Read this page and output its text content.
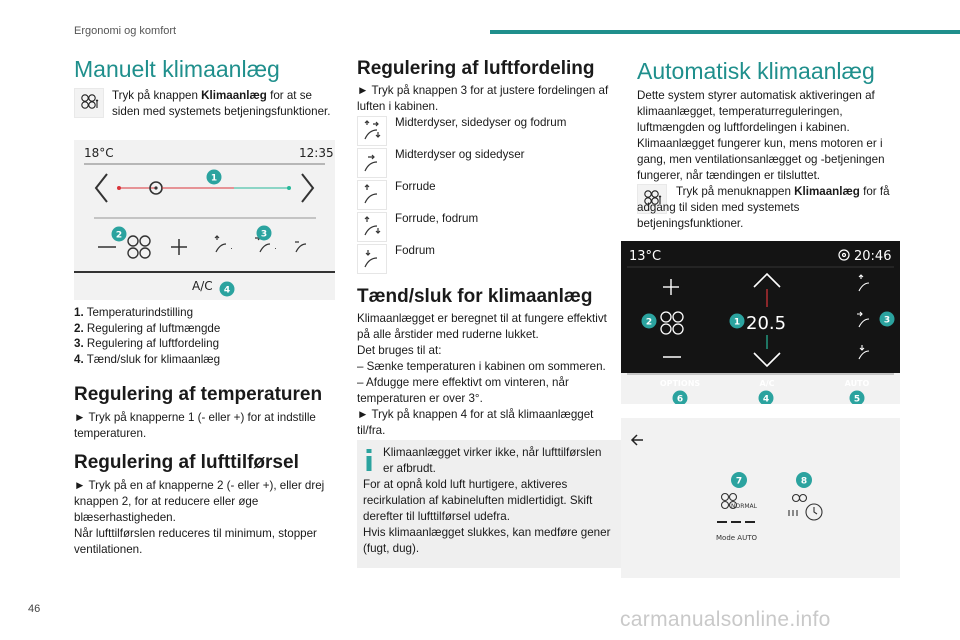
Ergonomi og komfort
Manuelt klimaanlæg
Tryk på knappen Klimaanlæg for at se siden med systemets betjeningsfunktioner.
18°C	12:35
·	·
A/C
1
2	3
4
1. Temperaturindstilling
2. Regulering af luftmængde
3. Regulering af luftfordeling
4. Tænd/sluk for klimaanlæg
Regulering af temperaturen
► Tryk på knapperne 1 (- eller +) for at indstille temperaturen.
Regulering af lufttilførsel
► Tryk på en af knapperne 2 (- eller +), eller drej knappen 2, for at reducere eller øge blæserhastigheden.
Når lufttilførslen reduceres til minimum, stopper ventilationen.
Regulering af luftfordeling
► Tryk på knappen 3 for at justere fordelingen af luften i kabinen.
Midterdyser, sidedyser og fodrum
Midterdyser og sidedyser
Forrude
Forrude, fodrum
Fodrum
Tænd/sluk for klimaanlæg
Klimaanlægget er beregnet til at fungere effektivt på alle årstider med ruderne lukket.
Det bruges til at:
– Sænke temperaturen i kabinen om sommeren.
– Afdugge mere effektivt om vinteren, når temperaturen er over 3°.
► Tryk på knappen 4 for at slå klimaanlægget til/fra.
Klimaanlægget virker ikke, når lufttilførslen er afbrudt.
For at opnå kold luft hurtigere, aktiveres recirkulation af kabineluften midlertidigt. Skift derefter til lufttilførsel udefra.
Hvis klimaanlægget slukkes, kan medføre gener (fugt, dug).
Automatisk klimaanlæg
Dette system styrer automatisk aktiveringen af klimaanlægget, temperaturreguleringen, luftmængden og luftfordelingen i kabinen. Klimaanlægget fungerer kun, mens motoren er i gang, men ventilationsanlægget og -betjeningen fungerer, når tændingen er tilsluttet.
Tryk på menuknappen Klimaanlæg for få adgang til siden med systemets betjeningsfunktioner.
13°C	20:46
20.5
OPTIONS	A/C	AUTO
1
2	3
4	5
6
7	8
NORMAL
Mode AUTO
46	carmanualsonline.info
